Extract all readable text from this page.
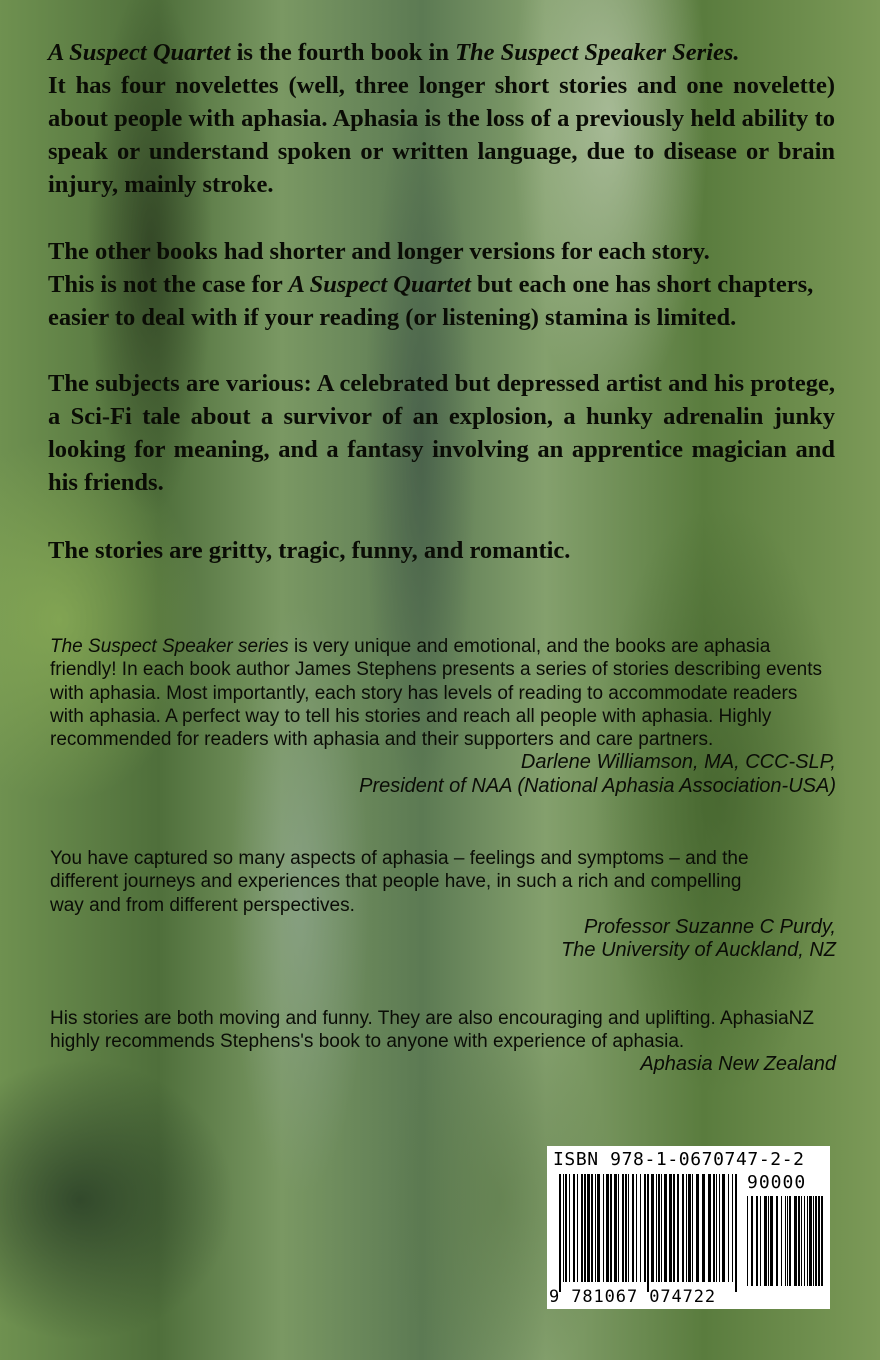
A Suspect Quartet is the fourth book in The Suspect Speaker Series.

It has four novelettes (well, three longer short stories and one novelette) about people with aphasia. Aphasia is the loss of a previously held ability to speak or understand spoken or written language, due to disease or brain injury, mainly stroke.

The other books had shorter and longer versions for each story.
This is not the case for A Suspect Quartet but each one has short chapters, easier to deal with if your reading (or listening) stamina is limited.

The subjects are various: A celebrated but depressed artist and his protege, a Sci-Fi tale about a survivor of an explosion, a hunky adrenalin junky looking for meaning, and a fantasy involving an apprentice magician and his friends.

The stories are gritty, tragic, funny, and romantic.

The Suspect Speaker series is very unique and emotional, and the books are aphasia friendly! In each book author James Stephens presents a series of stories describing events with aphasia. Most importantly, each story has levels of reading to accommodate readers with aphasia. A perfect way to tell his stories and reach all people with aphasia. Highly recommended for readers with aphasia and their supporters and care partners.
Darlene Williamson, MA, CCC-SLP,
President of NAA (National Aphasia Association-USA)
You have captured so many aspects of aphasia – feelings and symptoms – and the different journeys and experiences that people have, in such a rich and compelling way and from different perspectives.
Professor Suzanne C Purdy,
The University of Auckland, NZ
His stories are both moving and funny. They are also encouraging and uplifting. AphasiaNZ highly recommends Stephens's book to anyone with experience of aphasia.
Aphasia New Zealand
ISBN 978-1-0670747-2-2
90000
9 781067 074722
